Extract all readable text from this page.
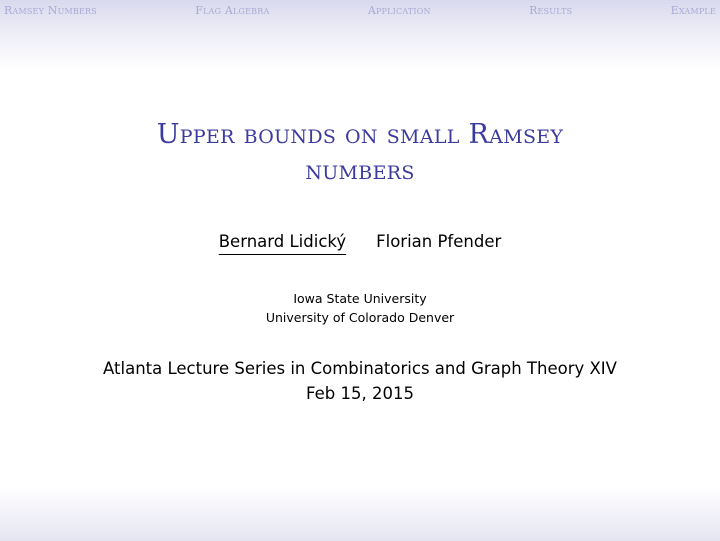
Ramsey Numbers	Flag Algebra	Application	Results	Example
Upper bounds on small Ramsey
numbers
Bernard Lidický Florian Pfender
Iowa State University
University of Colorado Denver
Atlanta Lecture Series in Combinatorics and Graph Theory XIV
Feb 15, 2015
